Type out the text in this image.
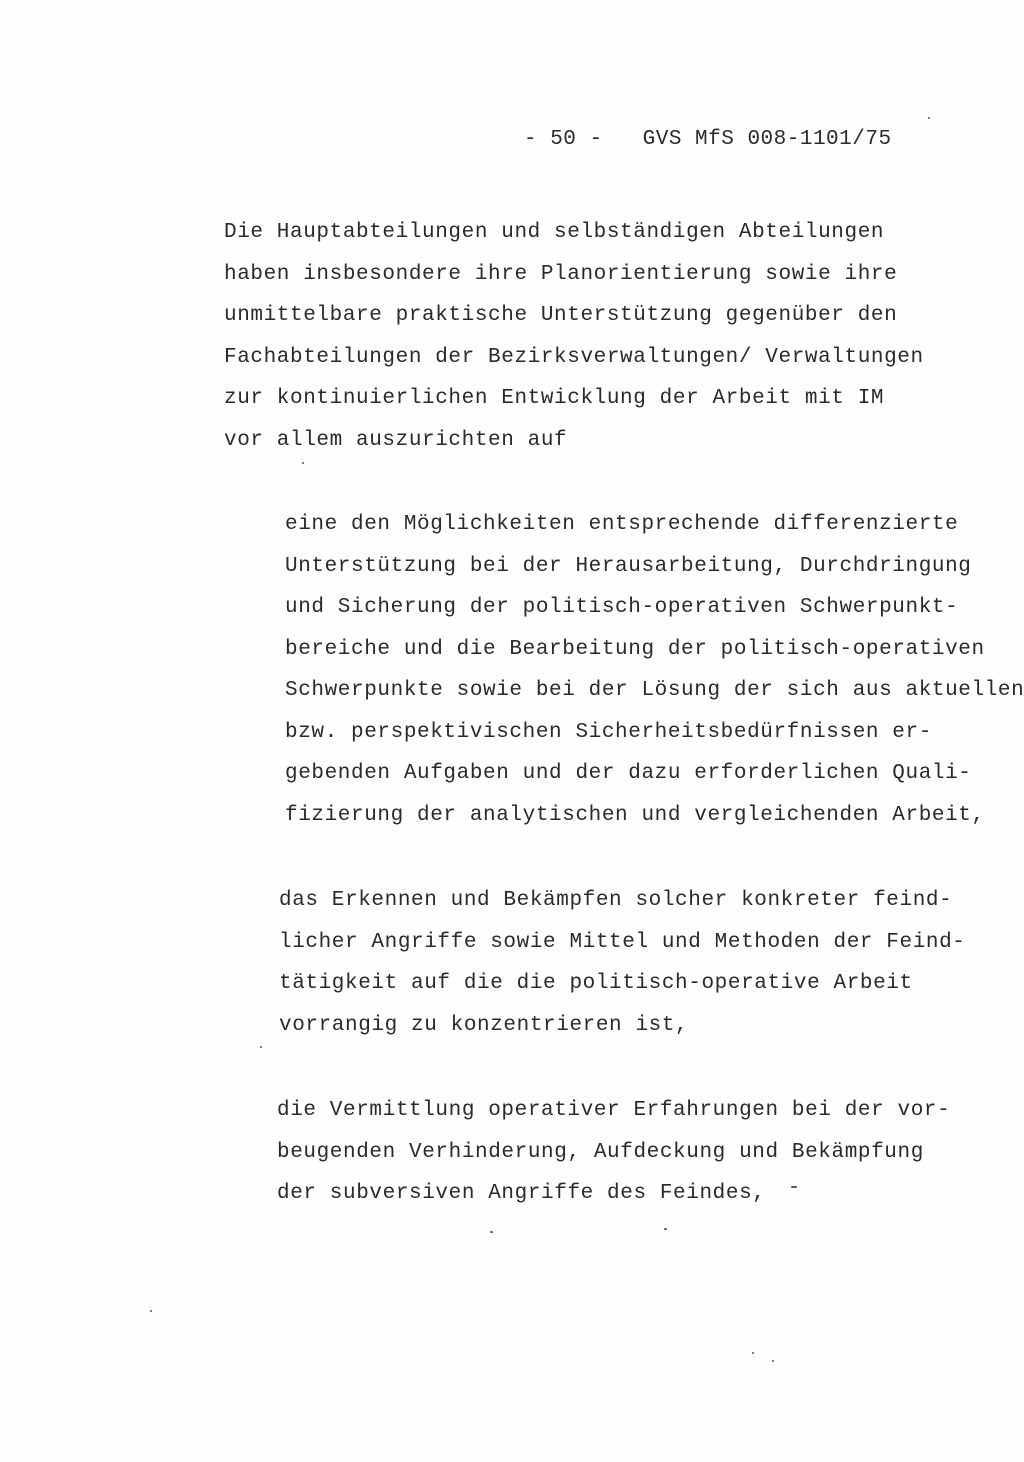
- 50 - GVS MfS 008-1101/75
Die Hauptabteilungen und selbständigen Abteilungen
haben insbesondere ihre Planorientierung sowie ihre
unmittelbare praktische Unterstützung gegenüber den
Fachabteilungen der Bezirksverwaltungen/ Verwaltungen
zur kontinuierlichen Entwicklung der Arbeit mit IM
vor allem auszurichten auf
eine den Möglichkeiten entsprechende differenzierte
Unterstützung bei der Herausarbeitung, Durchdringung
und Sicherung der politisch-operativen Schwerpunkt-
bereiche und die Bearbeitung der politisch-operativen
Schwerpunkte sowie bei der Lösung der sich aus aktuellen
bzw. perspektivischen Sicherheitsbedürfnissen er-
gebenden Aufgaben und der dazu erforderlichen Quali-
fizierung der analytischen und vergleichenden Arbeit,
das Erkennen und Bekämpfen solcher konkreter feind-
licher Angriffe sowie Mittel und Methoden der Feind-
tätigkeit auf die die politisch-operative Arbeit
vorrangig zu konzentrieren ist,
die Vermittlung operativer Erfahrungen bei der vor-
beugenden Verhinderung, Aufdeckung und Bekämpfung
der subversiven Angriffe des Feindes,
